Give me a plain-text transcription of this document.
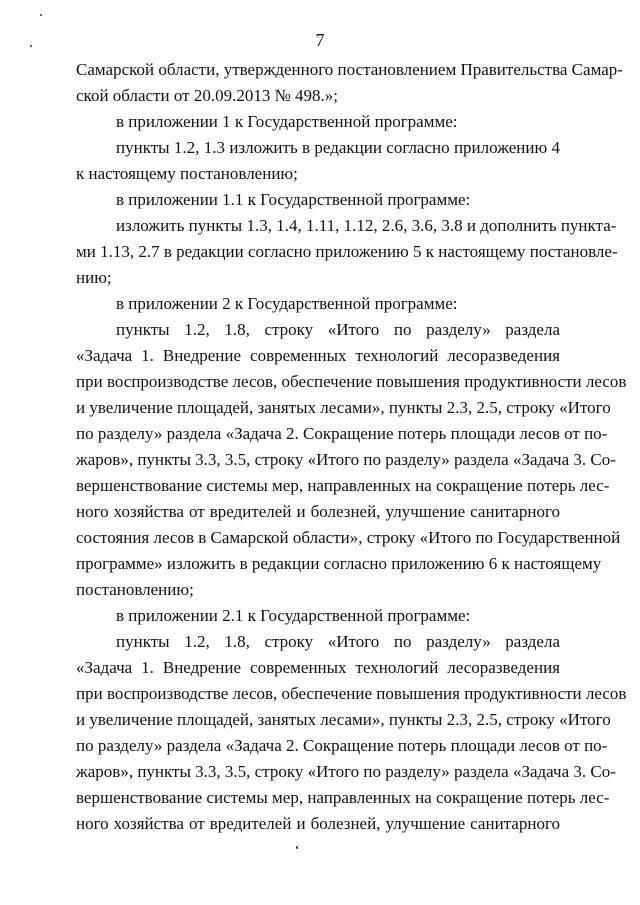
7
Самарской области, утвержденного постановлением Правительства Самар-
ской области от 20.09.2013 № 498.»;
в приложении 1 к Государственной программе:
пункты 1.2, 1.3 изложить в редакции согласно приложению 4
к настоящему постановлению;
в приложении 1.1 к Государственной программе:
изложить пункты 1.3, 1.4, 1.11, 1.12, 2.6, 3.6, 3.8 и дополнить пункта-
ми 1.13, 2.7 в редакции согласно приложению 5 к настоящему постановле-
нию;
в приложении 2 к Государственной программе:
пункты 1.2, 1.8, строку «Итого по разделу» раздела
«Задача 1. Внедрение современных технологий лесоразведения
при воспроизводстве лесов, обеспечение повышения продуктивности лесов
и увеличение площадей, занятых лесами», пункты 2.3, 2.5, строку «Итого
по разделу» раздела «Задача 2. Сокращение потерь площади лесов от по-
жаров», пункты 3.3, 3.5, строку «Итого по разделу» раздела «Задача 3. Со-
вершенствование системы мер, направленных на сокращение потерь лес-
ного хозяйства от вредителей и болезней, улучшение санитарного
состояния лесов в Самарской области», строку «Итого по Государственной
программе» изложить в редакции согласно приложению 6 к настоящему
постановлению;
в приложении 2.1 к Государственной программе:
пункты 1.2, 1.8, строку «Итого по разделу» раздела
«Задача 1. Внедрение современных технологий лесоразведения
при воспроизводстве лесов, обеспечение повышения продуктивности лесов
и увеличение площадей, занятых лесами», пункты 2.3, 2.5, строку «Итого
по разделу» раздела «Задача 2. Сокращение потерь площади лесов от по-
жаров», пункты 3.3, 3.5, строку «Итого по разделу» раздела «Задача 3. Со-
вершенствование системы мер, направленных на сокращение потерь лес-
ного хозяйства от вредителей и болезней, улучшение санитарного
